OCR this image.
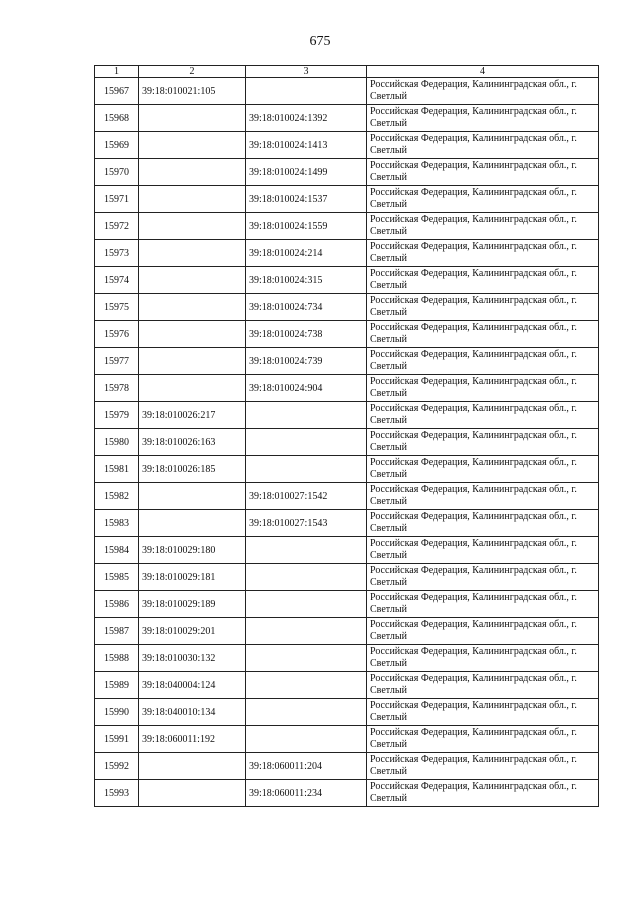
675
1	2	3	4
15967	39:18:010021:105		Российская Федерация, Калининградская обл., г. Светлый
15968		39:18:010024:1392	Российская Федерация, Калининградская обл., г. Светлый
15969		39:18:010024:1413	Российская Федерация, Калининградская обл., г. Светлый
15970		39:18:010024:1499	Российская Федерация, Калининградская обл., г. Светлый
15971		39:18:010024:1537	Российская Федерация, Калининградская обл., г. Светлый
15972		39:18:010024:1559	Российская Федерация, Калининградская обл., г. Светлый
15973		39:18:010024:214	Российская Федерация, Калининградская обл., г. Светлый
15974		39:18:010024:315	Российская Федерация, Калининградская обл., г. Светлый
15975		39:18:010024:734	Российская Федерация, Калининградская обл., г. Светлый
15976		39:18:010024:738	Российская Федерация, Калининградская обл., г. Светлый
15977		39:18:010024:739	Российская Федерация, Калининградская обл., г. Светлый
15978		39:18:010024:904	Российская Федерация, Калининградская обл., г. Светлый
15979	39:18:010026:217		Российская Федерация, Калининградская обл., г. Светлый
15980	39:18:010026:163		Российская Федерация, Калининградская обл., г. Светлый
15981	39:18:010026:185		Российская Федерация, Калининградская обл., г. Светлый
15982		39:18:010027:1542	Российская Федерация, Калининградская обл., г. Светлый
15983		39:18:010027:1543	Российская Федерация, Калининградская обл., г. Светлый
15984	39:18:010029:180		Российская Федерация, Калининградская обл., г. Светлый
15985	39:18:010029:181		Российская Федерация, Калининградская обл., г. Светлый
15986	39:18:010029:189		Российская Федерация, Калининградская обл., г. Светлый
15987	39:18:010029:201		Российская Федерация, Калининградская обл., г. Светлый
15988	39:18:010030:132		Российская Федерация, Калининградская обл., г. Светлый
15989	39:18:040004:124		Российская Федерация, Калининградская обл., г. Светлый
15990	39:18:040010:134		Российская Федерация, Калининградская обл., г. Светлый
15991	39:18:060011:192		Российская Федерация, Калининградская обл., г. Светлый
15992		39:18:060011:204	Российская Федерация, Калининградская обл., г. Светлый
15993		39:18:060011:234	Российская Федерация, Калининградская обл., г. Светлый
